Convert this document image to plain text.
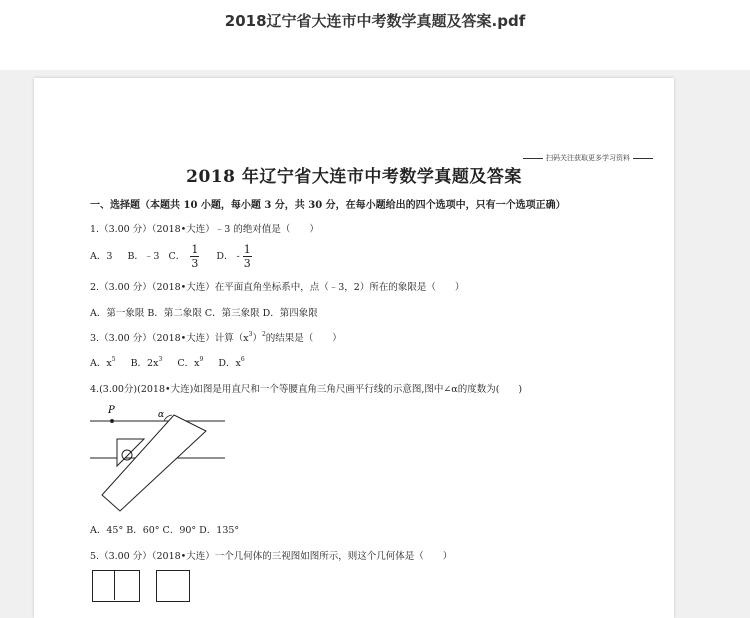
2018辽宁省大连市中考数学真题及答案.pdf
扫码关注获取更多学习资料
2018 年辽宁省大连市中考数学真题及答案
一、选择题（本题共 10 小题，每小题 3 分，共 30 分，在每小题给出的四个选项中，只有一个选项正确）
1.（3.00 分）（2018•大连）﹣3 的绝对值是（　　）
A．3 B．﹣3 C． $\frac{1}{3}$ D． - $\frac{1}{3}$
2.（3.00 分）（2018•大连）在平面直角坐标系中，点（﹣3，2）所在的象限是（　　）
A．第一象限 B．第二象限 C．第三象限 D．第四象限
3.（3.00 分）（2018•大连）计算$(x^3)^2$的结果是（　　）
A．$x^5$ B．$2x^3$ C．$x^9$ D．$x^6$
4.(3.00分)(2018•大连)如图是用直尺和一个等腰直角三角尺画平行线的示意图,图中∠α的度数为(　　)
P	α
A．45° B．60° C．90° D．135°
5.（3.00 分）（2018•大连）一个几何体的三视图如图所示，则这个几何体是（　　）
